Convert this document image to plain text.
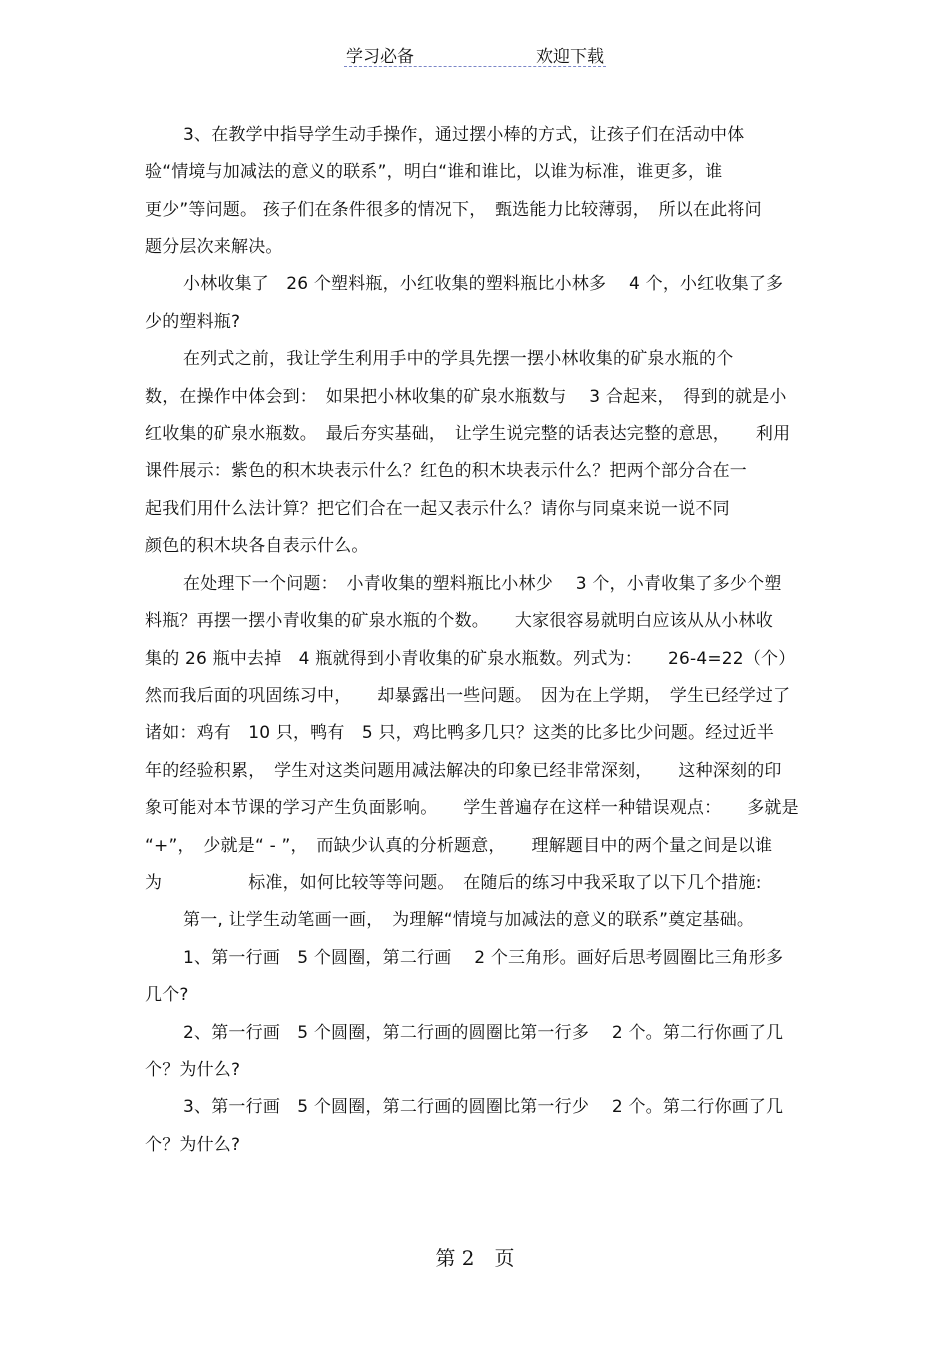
学习必备	欢迎下载
3、在教学中指导学生动手操作，通过摆小棒的方式，让孩子们在活动中体
验“情境与加减法的意义的联系”，明白“谁和谁比，以谁为标准，谁更多，谁
更少”等问题。 孩子们在条件很多的情况下，　甄选能力比较薄弱，　所以在此将问
题分层次来解决。
小林收集了　26 个塑料瓶，小红收集的塑料瓶比小林多　 4 个，小红收集了多
少的塑料瓶?
在列式之前，我让学生利用手中的学具先摆一摆小林收集的矿泉水瓶的个
数，在操作中体会到：　如果把小林收集的矿泉水瓶数与　 3 合起来，　得到的就是小
红收集的矿泉水瓶数。　最后夯实基础，　让学生说完整的话表达完整的意思，　　利用
课件展示：紫色的积木块表示什么？红色的积木块表示什么？把两个部分合在一
起我们用什么法计算？把它们合在一起又表示什么？请你与同桌来说一说不同
颜色的积木块各自表示什么。
在处理下一个问题：　小青收集的塑料瓶比小林少　 3 个，小青收集了多少个塑
料瓶？再摆一摆小青收集的矿泉水瓶的个数。　　大家很容易就明白应该从从小林收
集的 26 瓶中去掉　4 瓶就得到小青收集的矿泉水瓶数。列式为：　　26-4=22（个）
然而我后面的巩固练习中，　　却暴露出一些问题。　因为在上学期，　学生已经学过了
诸如：鸡有　10 只，鸭有　5 只，鸡比鸭多几只？这类的比多比少问题。经过近半
年的经验积累，　学生对这类问题用减法解决的印象已经非常深刻，　　这种深刻的印
象可能对本节课的学习产生负面影响。　　学生普遍存在这样一种错误观点：　　多就是
“+”，　少就是“ - ”，　而缺少认真的分析题意，　　理解题目中的两个量之间是以谁
为　　　　　标准，如何比较等等问题。　在随后的练习中我采取了以下几个措施:
第一, 让学生动笔画一画，　为理解“情境与加减法的意义的联系”奠定基础。
1、第一行画　5 个圆圈，第二行画　 2 个三角形。画好后思考圆圈比三角形多
几个?
2、第一行画　5 个圆圈，第二行画的圆圈比第一行多　 2 个。第二行你画了几
个？为什么?
3、第一行画　5 个圆圈，第二行画的圆圈比第一行少　 2 个。第二行你画了几
个？为什么?
第 2　页
